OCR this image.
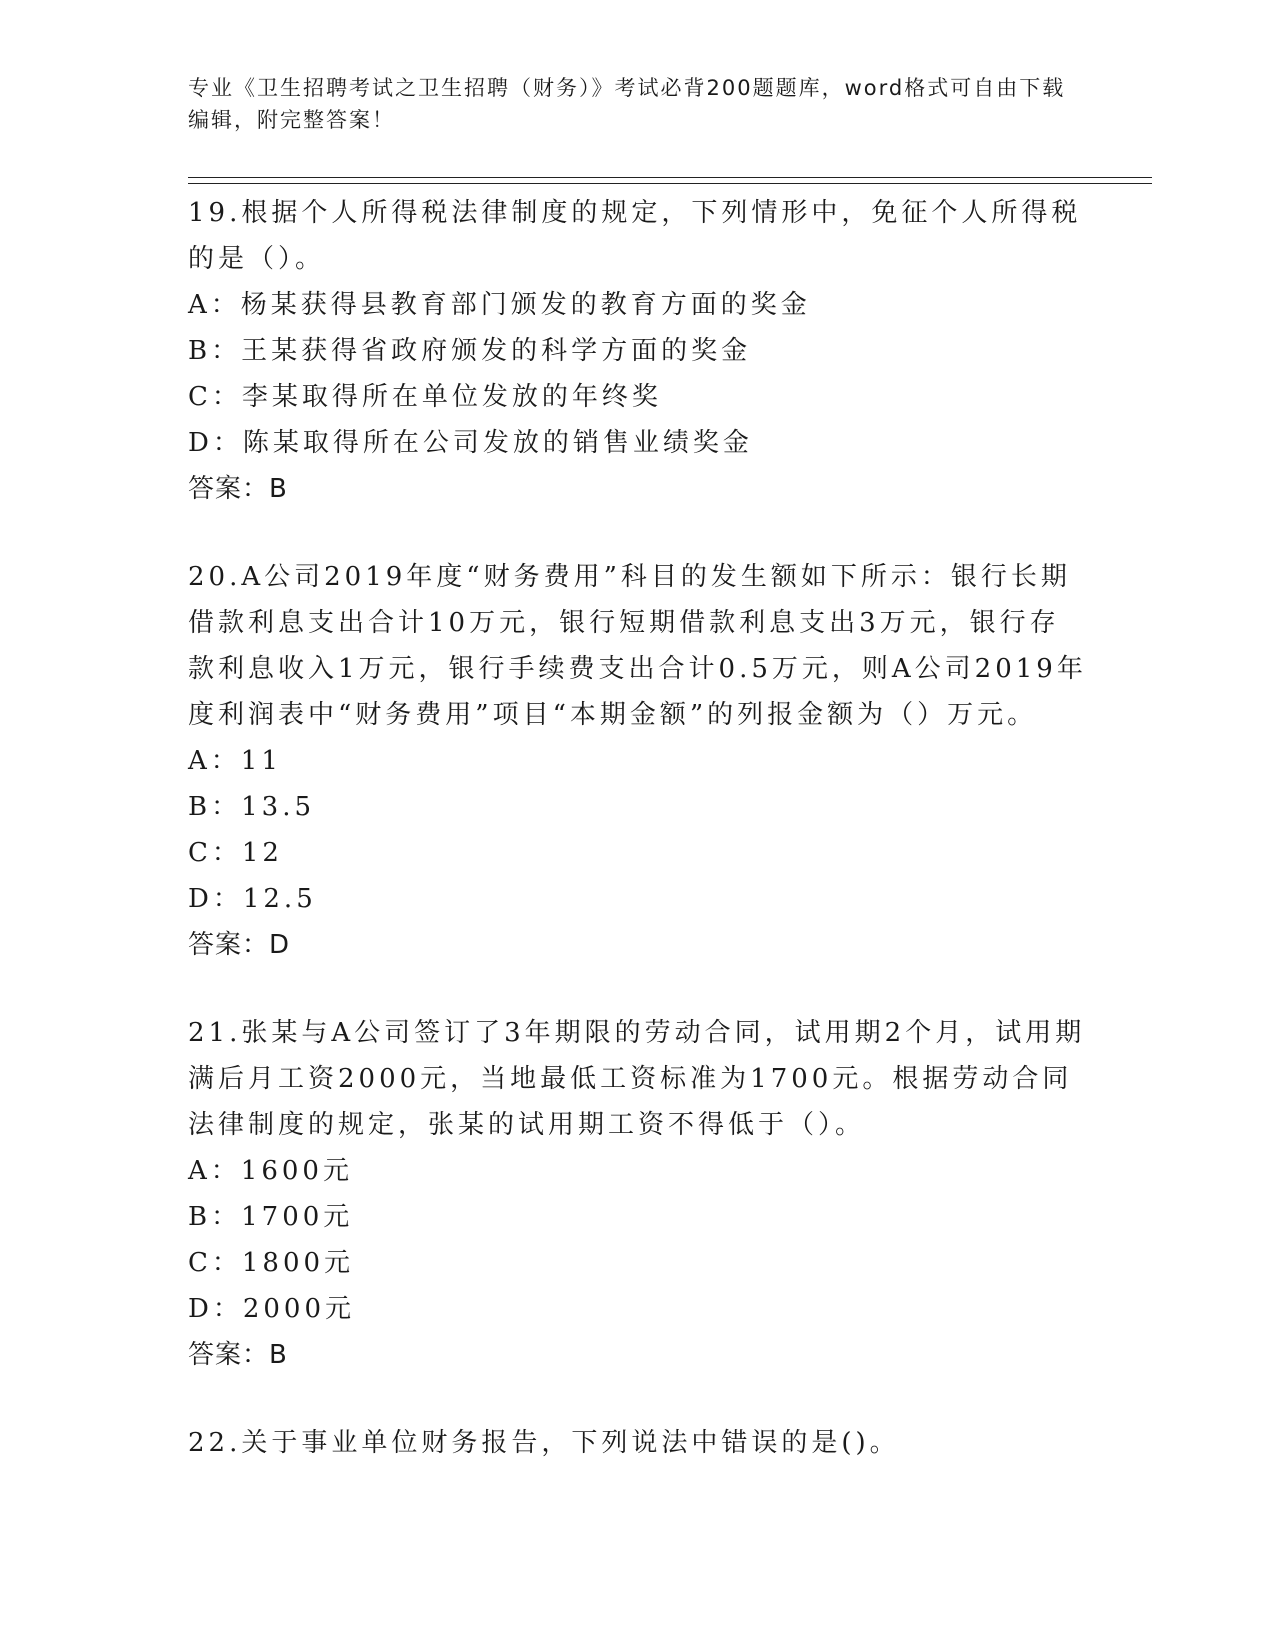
专业《卫生招聘考试之卫生招聘（财务）》考试必背200题题库，word格式可自由下载编辑，附完整答案！

19.根据个人所得税法律制度的规定，下列情形中，免征个人所得税的是（）。

A：杨某获得县教育部门颁发的教育方面的奖金

B：王某获得省政府颁发的科学方面的奖金

C：李某取得所在单位发放的年终奖

D：陈某取得所在公司发放的销售业绩奖金

答案：B

20.A公司2019年度“财务费用”科目的发生额如下所示：银行长期借款利息支出合计10万元，银行短期借款利息支出3万元，银行存款利息收入1万元，银行手续费支出合计0.5万元，则A公司2019年度利润表中“财务费用”项目“本期金额”的列报金额为（）万元。

A：11

B：13.5

C：12

D：12.5

答案：D

21.张某与A公司签订了3年期限的劳动合同，试用期2个月，试用期满后月工资2000元，当地最低工资标准为1700元。根据劳动合同法律制度的规定，张某的试用期工资不得低于（）。

A：1600元

B：1700元

C：1800元

D：2000元

答案：B

22.关于事业单位财务报告，下列说法中错误的是()。
